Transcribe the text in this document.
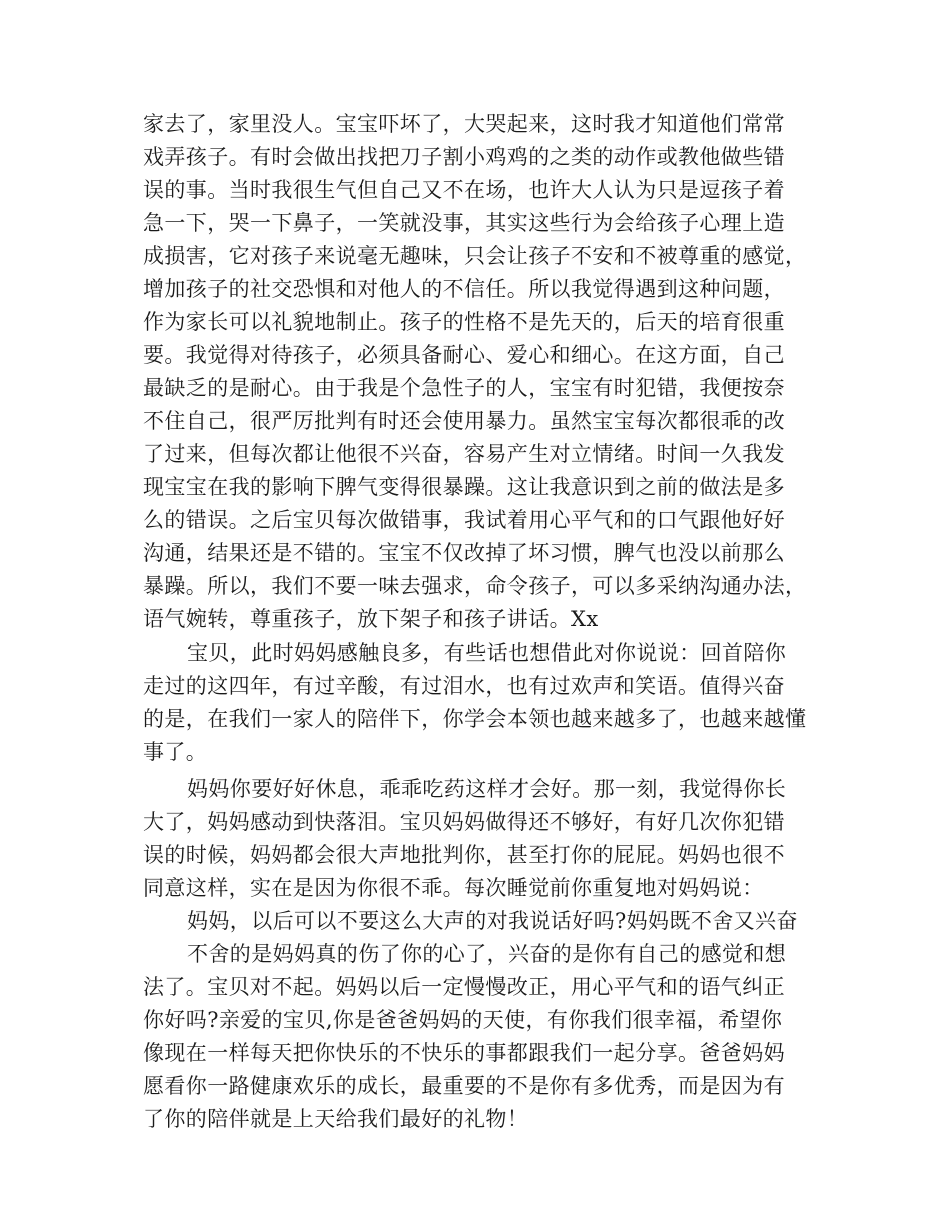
家去了，家里没人。宝宝吓坏了，大哭起来，这时我才知道他们常常
戏弄孩子。有时会做出找把刀子割小鸡鸡的之类的动作或教他做些错
误的事。当时我很生气但自己又不在场，也许大人认为只是逗孩子着
急一下，哭一下鼻子，一笑就没事，其实这些行为会给孩子心理上造
成损害，它对孩子来说毫无趣味，只会让孩子不安和不被尊重的感觉，
增加孩子的社交恐惧和对他人的不信任。所以我觉得遇到这种问题，
作为家长可以礼貌地制止。孩子的性格不是先天的，后天的培育很重
要。我觉得对待孩子，必须具备耐心、爱心和细心。在这方面，自己
最缺乏的是耐心。由于我是个急性子的人，宝宝有时犯错，我便按奈
不住自己，很严厉批判有时还会使用暴力。虽然宝宝每次都很乖的改
了过来，但每次都让他很不兴奋，容易产生对立情绪。时间一久我发
现宝宝在我的影响下脾气变得很暴躁。这让我意识到之前的做法是多
么的错误。之后宝贝每次做错事，我试着用心平气和的口气跟他好好
沟通，结果还是不错的。宝宝不仅改掉了坏习惯，脾气也没以前那么
暴躁。所以，我们不要一味去强求，命令孩子，可以多采纳沟通办法，
语气婉转，尊重孩子，放下架子和孩子讲话。Xx
宝贝，此时妈妈感触良多，有些话也想借此对你说说：回首陪你
走过的这四年，有过辛酸，有过泪水，也有过欢声和笑语。值得兴奋
的是，在我们一家人的陪伴下，你学会本领也越来越多了，也越来越懂
事了。
妈妈你要好好休息，乖乖吃药这样才会好。那一刻，我觉得你长
大了，妈妈感动到快落泪。宝贝妈妈做得还不够好，有好几次你犯错
误的时候，妈妈都会很大声地批判你，甚至打你的屁屁。妈妈也很不
同意这样，实在是因为你很不乖。每次睡觉前你重复地对妈妈说：
妈妈，以后可以不要这么大声的对我说话好吗?妈妈既不舍又兴奋
不舍的是妈妈真的伤了你的心了，兴奋的是你有自己的感觉和想
法了。宝贝对不起。妈妈以后一定慢慢改正，用心平气和的语气纠正
你好吗?亲爱的宝贝,你是爸爸妈妈的天使，有你我们很幸福，希望你
像现在一样每天把你快乐的不快乐的事都跟我们一起分享。爸爸妈妈
愿看你一路健康欢乐的成长，最重要的不是你有多优秀，而是因为有
了你的陪伴就是上天给我们最好的礼物！
